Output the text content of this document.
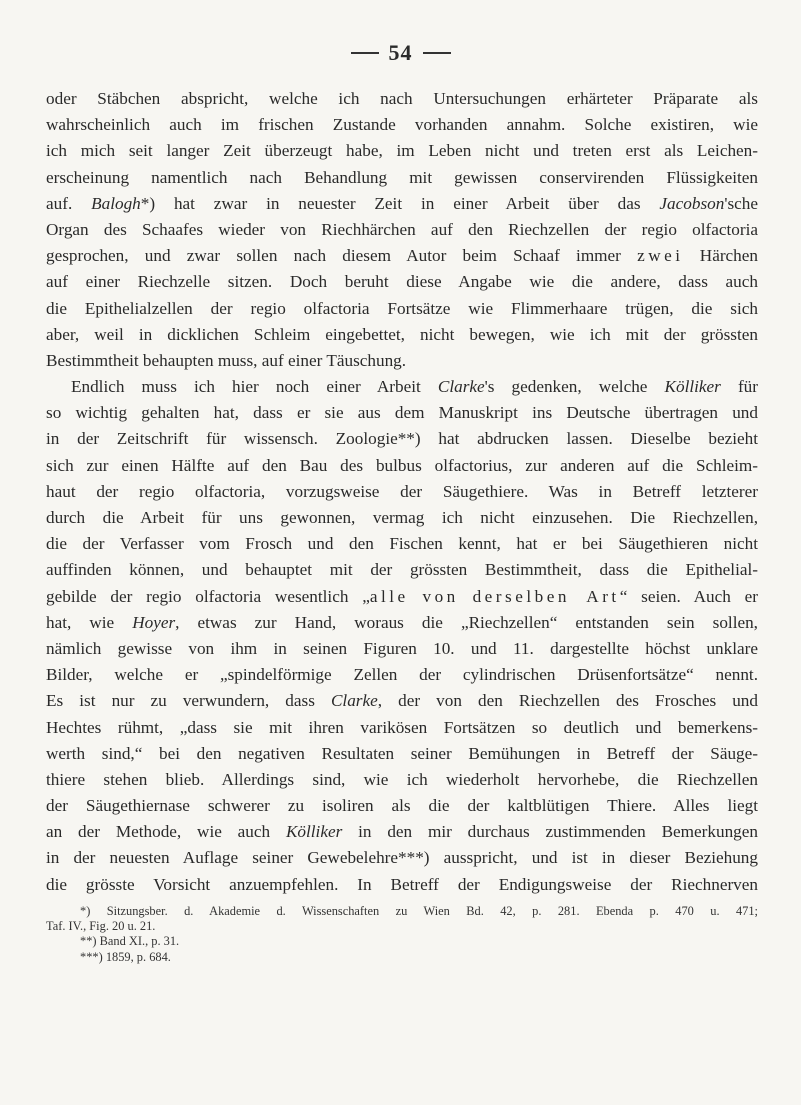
54
oder Stäbchen abspricht, welche ich nach Untersuchungen erhärteter Präparate als
wahrscheinlich auch im frischen Zustande vorhanden annahm. Solche existiren, wie
ich mich seit langer Zeit überzeugt habe, im Leben nicht und treten erst als Leichen-
erscheinung namentlich nach Behandlung mit gewissen conservirenden Flüssigkeiten
auf. Balogh*) hat zwar in neuester Zeit in einer Arbeit über das Jacobson'sche
Organ des Schaafes wieder von Riechhärchen auf den Riechzellen der regio olfactoria
gesprochen, und zwar sollen nach diesem Autor beim Schaaf immer zwei Härchen
auf einer Riechzelle sitzen. Doch beruht diese Angabe wie die andere, dass auch
die Epithelialzellen der regio olfactoria Fortsätze wie Flimmerhaare trügen, die sich
aber, weil in dicklichen Schleim eingebettet, nicht bewegen, wie ich mit der grössten
Bestimmtheit behaupten muss, auf einer Täuschung.
Endlich muss ich hier noch einer Arbeit Clarke's gedenken, welche Kölliker für
so wichtig gehalten hat, dass er sie aus dem Manuskript ins Deutsche übertragen und
in der Zeitschrift für wissensch. Zoologie**) hat abdrucken lassen. Dieselbe bezieht
sich zur einen Hälfte auf den Bau des bulbus olfactorius, zur anderen auf die Schleim-
haut der regio olfactoria, vorzugsweise der Säugethiere. Was in Betreff letzterer
durch die Arbeit für uns gewonnen, vermag ich nicht einzusehen. Die Riechzellen,
die der Verfasser vom Frosch und den Fischen kennt, hat er bei Säugethieren nicht
auffinden können, und behauptet mit der grössten Bestimmtheit, dass die Epithelial-
gebilde der regio olfactoria wesentlich „alle von derselben Art“ seien. Auch er
hat, wie Hoyer, etwas zur Hand, woraus die „Riechzellen“ entstanden sein sollen,
nämlich gewisse von ihm in seinen Figuren 10. und 11. dargestellte höchst unklare
Bilder, welche er „spindelförmige Zellen der cylindrischen Drüsenfortsätze“ nennt.
Es ist nur zu verwundern, dass Clarke, der von den Riechzellen des Frosches und
Hechtes rühmt, „dass sie mit ihren varikösen Fortsätzen so deutlich und bemerkens-
werth sind,“ bei den negativen Resultaten seiner Bemühungen in Betreff der Säuge-
thiere stehen blieb. Allerdings sind, wie ich wiederholt hervorhebe, die Riechzellen
der Säugethiernase schwerer zu isoliren als die der kaltblütigen Thiere. Alles liegt
an der Methode, wie auch Kölliker in den mir durchaus zustimmenden Bemerkungen
in der neuesten Auflage seiner Gewebelehre***) ausspricht, und ist in dieser Beziehung
die grösste Vorsicht anzuempfehlen. In Betreff der Endigungsweise der Riechnerven
*) Sitzungsber. d. Akademie d. Wissenschaften zu Wien Bd. 42, p. 281. Ebenda p. 470 u. 471;
Taf. IV., Fig. 20 u. 21.
**) Band XI., p. 31.
***) 1859, p. 684.
